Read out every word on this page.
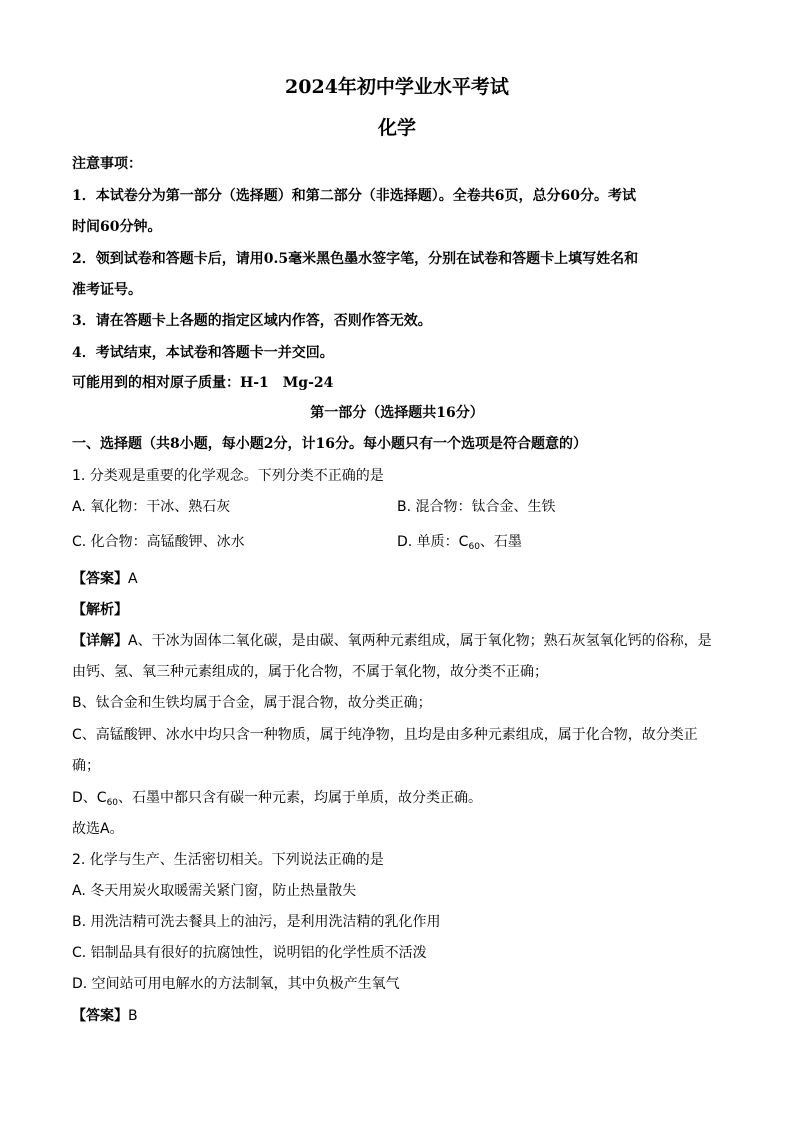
2024年初中学业水平考试
化学
注意事项：
1．本试卷分为第一部分（选择题）和第二部分（非选择题）。全卷共6页，总分60分。考试
时间60分钟。
2．领到试卷和答题卡后，请用0.5毫米黑色墨水签字笔，分别在试卷和答题卡上填写姓名和
准考证号。
3．请在答题卡上各题的指定区域内作答，否则作答无效。
4．考试结束，本试卷和答题卡一并交回。
可能用到的相对原子质量：H-1　Mg-24
第一部分（选择题共16分）
一、选择题（共8小题，每小题2分，计16分。每小题只有一个选项是符合题意的）
1. 分类观是重要的化学观念。下列分类不正确的是
A. 氧化物：干冰、熟石灰	B. 混合物：钛合金、生铁
C. 化合物：高锰酸钾、冰水	D. 单质：$C_{60}$、石墨
【答案】A
【解析】
【详解】A、干冰为固体二氧化碳，是由碳、氧两种元素组成，属于氧化物；熟石灰氢氧化钙的俗称，是
由钙、氢、氧三种元素组成的，属于化合物，不属于氧化物，故分类不正确；
B、钛合金和生铁均属于合金，属于混合物，故分类正确；
C、高锰酸钾、冰水中均只含一种物质，属于纯净物，且均是由多种元素组成，属于化合物，故分类正
确；
D、$C_{60}$、石墨中都只含有碳一种元素，均属于单质，故分类正确。
故选A。
2. 化学与生产、生活密切相关。下列说法正确的是
A. 冬天用炭火取暖需关紧门窗，防止热量散失
B. 用洗洁精可洗去餐具上的油污，是利用洗洁精的乳化作用
C. 铝制品具有很好的抗腐蚀性，说明铝的化学性质不活泼
D. 空间站可用电解水的方法制氧，其中负极产生氧气
【答案】B
